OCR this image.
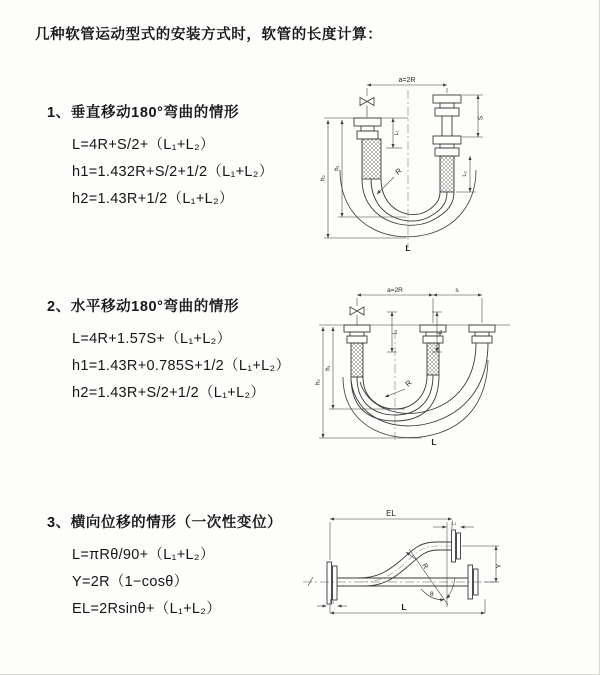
几种软管运动型式的安装方式时，软管的长度计算：
1、垂直移动180°弯曲的情形
L=4R+S/2+（L₁+L₂）
h1=1.432R+S/2+1/2（L₁+L₂）
h2=1.43R+1/2（L₁+L₂）
a=2R
L₁
S
L₂
h₁
h₂
R
L
2、水平移动180°弯曲的情形
L=4R+1.57S+（L₁+L₂）
h1=1.43R+0.785S+1/2（L₁+L₂）
h2=1.43R+S/2+1/2（L₁+L₂）
a=2R	s
L₁	L₂
h₁
h₂	R
L
3、横向位移的情形（一次性变位）
L=πRθ/90+（L₁+L₂）
Y=2R（1−cosθ）
EL=2Rsinθ+（L₁+L₂）
EL
L₁
Y
L
L₂
R
θ
